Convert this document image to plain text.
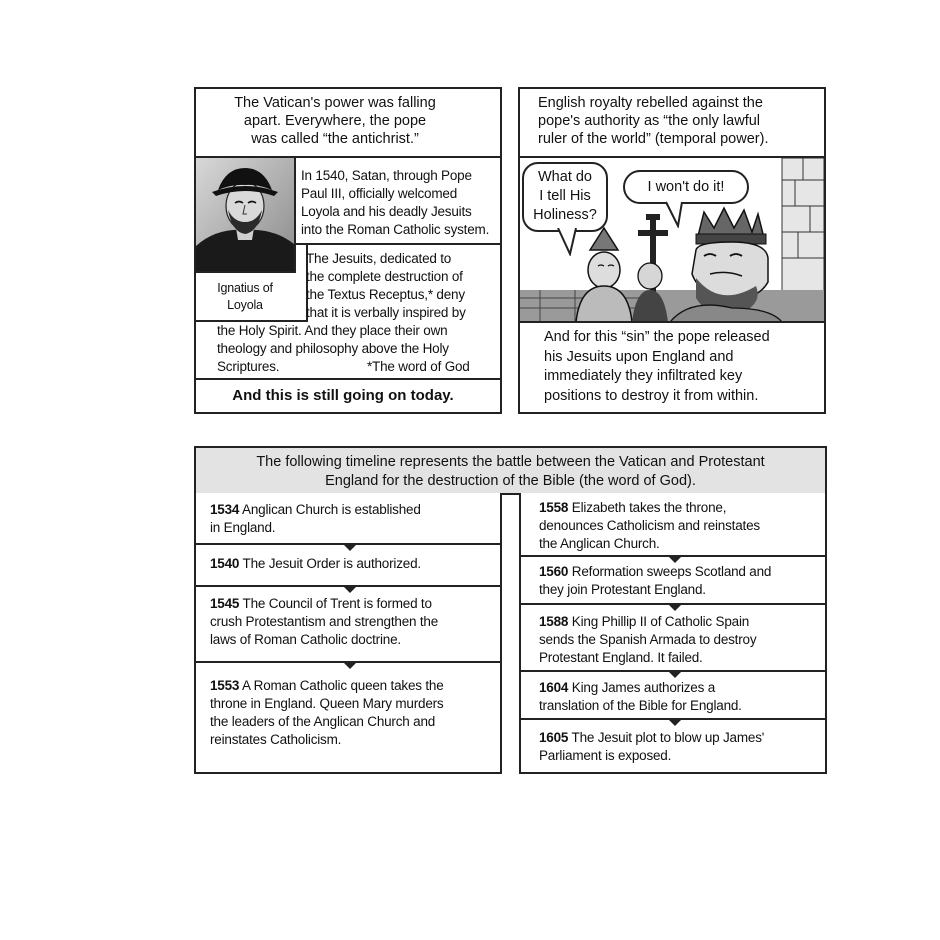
The Vatican's power was falling
apart. Everywhere, the pope
was called “the antichrist.”
In 1540, Satan, through Pope
Paul III, officially welcomed
Loyola and his deadly Jesuits
into the Roman Catholic system.
Ignatius of
Loyola
The Jesuits, dedicated to
the complete destruction of
the Textus Receptus,* deny
that it is verbally inspired by
the Holy Spirit. And they place their own
theology and philosophy above the Holy
Scriptures.	*The word of God
And this is still going on today.
English royalty rebelled against the
pope's authority as “the only lawful
ruler of the world” (temporal power).
What do
I tell His
Holiness?
I won't do it!
And for this “sin” the pope released
his Jesuits upon England and
immediately they infiltrated key
positions to destroy it from within.
The following timeline represents the battle between the Vatican and Protestant
England for the destruction of the Bible (the word of God).
1534 Anglican Church is established
in England.
1540 The Jesuit Order is authorized.
1545 The Council of Trent is formed to
crush Protestantism and strengthen the
laws of Roman Catholic doctrine.
1553 A Roman Catholic queen takes the
throne in England. Queen Mary murders
the leaders of the Anglican Church and
reinstates Catholicism.
1558 Elizabeth takes the throne,
denounces Catholicism and reinstates
the Anglican Church.
1560 Reformation sweeps Scotland and
they join Protestant England.
1588 King Phillip II of Catholic Spain
sends the Spanish Armada to destroy
Protestant England. It failed.
1604 King James authorizes a
translation of the Bible for England.
1605 The Jesuit plot to blow up James'
Parliament is exposed.
